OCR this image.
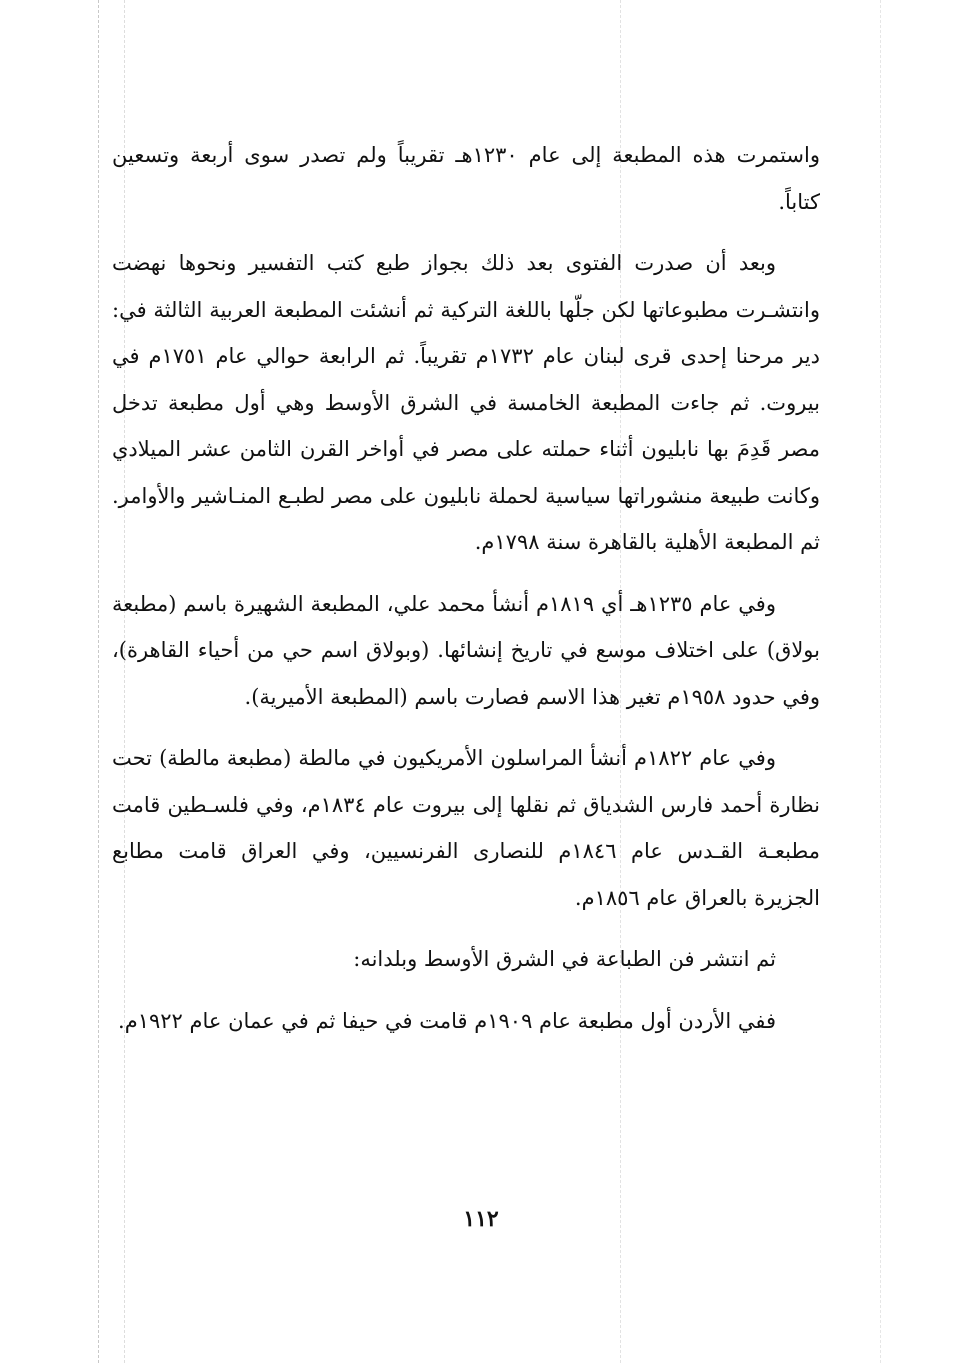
واستمرت هذه المطبعة إلى عام ١٢٣٠هـ تقريباً ولم تصدر سوى أربعة وتسعين كتاباً.

وبعد أن صدرت الفتوى بعد ذلك بجواز طبع كتب التفسير ونحوها نهضت وانتشـرت مطبوعاتها لكن جلّها باللغة التركية ثم أنشئت المطبعة العربية الثالثة في: دير مرحنا إحدى قرى لبنان عام ١٧٣٢م تقريباً. ثم الرابعة حوالي عام ١٧٥١م في بيروت. ثم جاءت المطبعة الخامسة في الشرق الأوسط وهي أول مطبعة تدخل مصر قَدِمَ بها نابليون أثناء حملته على مصر في أواخر القرن الثامن عشر الميلادي وكانت طبيعة منشوراتها سياسية لحملة نابليون على مصر لطبـع المنـاشير والأوامر. ثم المطبعة الأهلية بالقاهرة سنة ١٧٩٨م.

وفي عام ١٢٣٥هـ أي ١٨١٩م أنشأ محمد علي، المطبعة الشهيرة باسم (مطبعة بولاق) على اختلاف موسع في تاريخ إنشائها. (وبولاق اسم حي من أحياء القاهرة)، وفي حدود ١٩٥٨م تغير هذا الاسم فصارت باسم (المطبعة الأميرية).

وفي عام ١٨٢٢م أنشأ المراسلون الأمريكيون في مالطة (مطبعة مالطة) تحت نظارة أحمد فارس الشدياق ثم نقلها إلى بيروت عام ١٨٣٤م، وفي فلسـطين قامت مطبعـة القـدس عام ١٨٤٦م للنصارى الفرنسيين، وفي العراق قامت مطابع الجزيرة بالعراق عام ١٨٥٦م.

ثم انتشر فن الطباعة في الشرق الأوسط وبلدانه:

ففي الأردن أول مطبعة عام ١٩٠٩م قامت في حيفا ثم في عمان عام ١٩٢٢م.

١١٢
